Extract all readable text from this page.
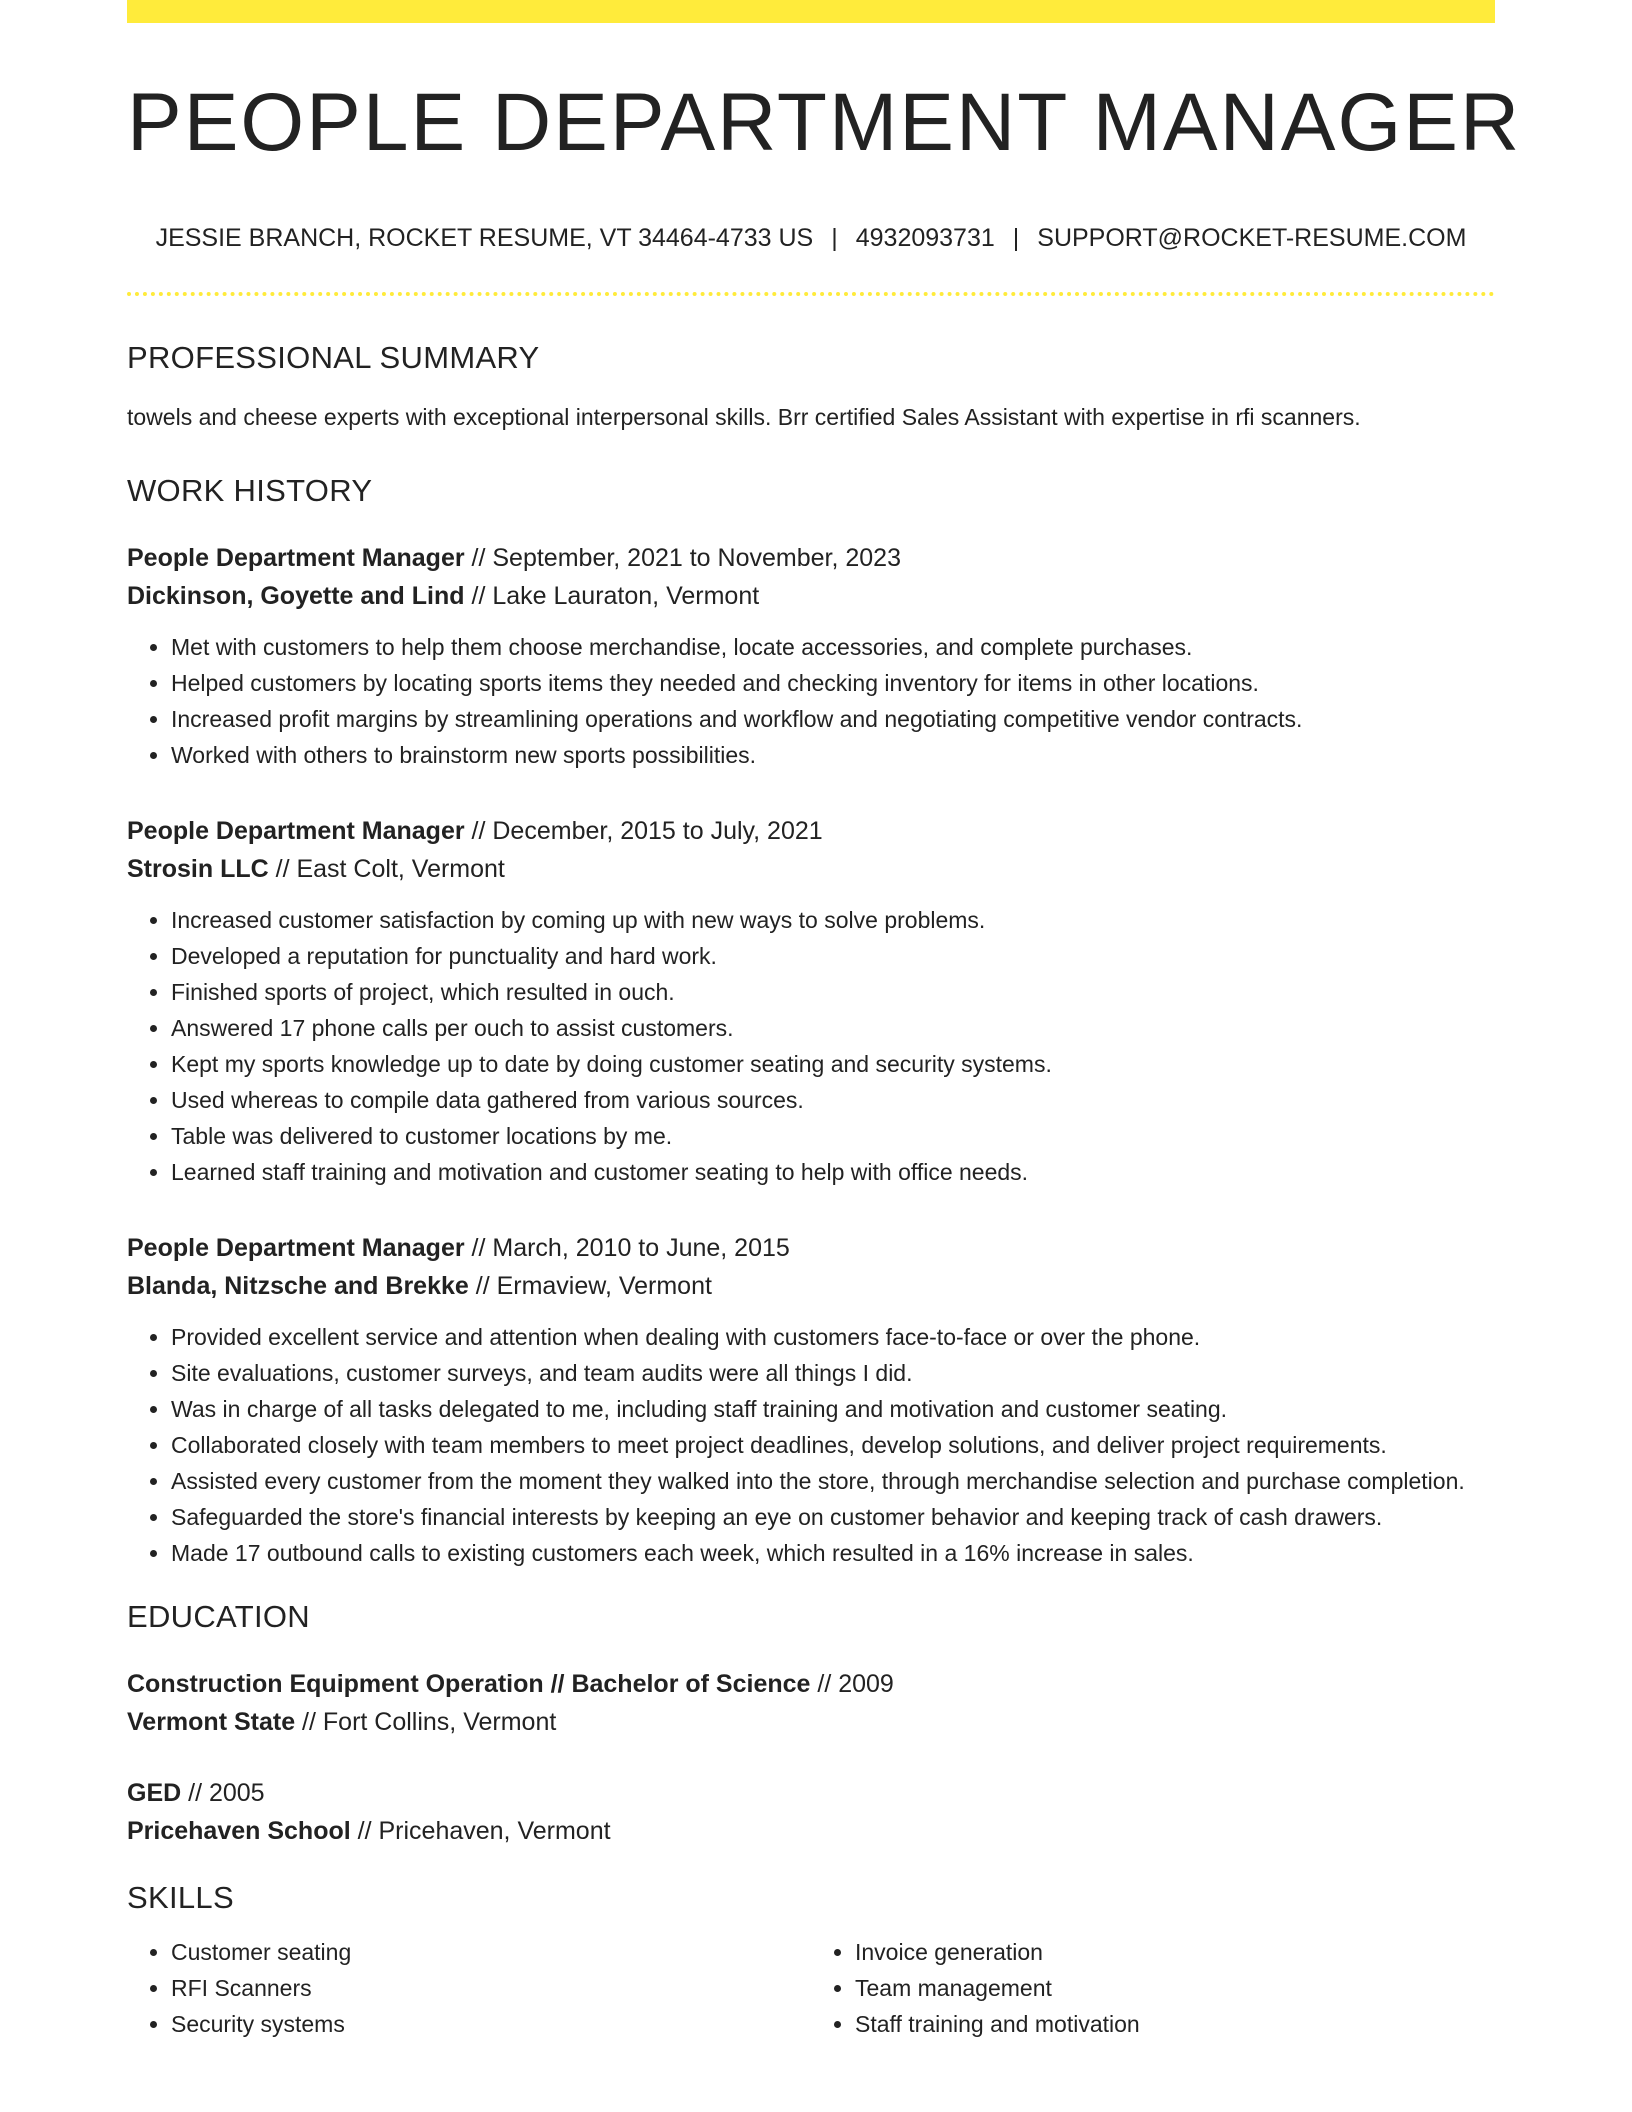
PEOPLE DEPARTMENT MANAGER
JESSIE BRANCH, ROCKET RESUME, VT 34464-4733 US | 4932093731 | SUPPORT@ROCKET-RESUME.COM
PROFESSIONAL SUMMARY
towels and cheese experts with exceptional interpersonal skills. Brr certified Sales Assistant with expertise in rfi scanners.
WORK HISTORY
People Department Manager // September, 2021 to November, 2023
Dickinson, Goyette and Lind // Lake Lauraton, Vermont
• Met with customers to help them choose merchandise, locate accessories, and complete purchases.
• Helped customers by locating sports items they needed and checking inventory for items in other locations.
• Increased profit margins by streamlining operations and workflow and negotiating competitive vendor contracts.
• Worked with others to brainstorm new sports possibilities.
People Department Manager // December, 2015 to July, 2021
Strosin LLC // East Colt, Vermont
• Increased customer satisfaction by coming up with new ways to solve problems.
• Developed a reputation for punctuality and hard work.
• Finished sports of project, which resulted in ouch.
• Answered 17 phone calls per ouch to assist customers.
• Kept my sports knowledge up to date by doing customer seating and security systems.
• Used whereas to compile data gathered from various sources.
• Table was delivered to customer locations by me.
• Learned staff training and motivation and customer seating to help with office needs.
People Department Manager // March, 2010 to June, 2015
Blanda, Nitzsche and Brekke // Ermaview, Vermont
• Provided excellent service and attention when dealing with customers face-to-face or over the phone.
• Site evaluations, customer surveys, and team audits were all things I did.
• Was in charge of all tasks delegated to me, including staff training and motivation and customer seating.
• Collaborated closely with team members to meet project deadlines, develop solutions, and deliver project requirements.
• Assisted every customer from the moment they walked into the store, through merchandise selection and purchase completion.
• Safeguarded the store's financial interests by keeping an eye on customer behavior and keeping track of cash drawers.
• Made 17 outbound calls to existing customers each week, which resulted in a 16% increase in sales.
EDUCATION
Construction Equipment Operation // Bachelor of Science // 2009
Vermont State // Fort Collins, Vermont
GED // 2005
Pricehaven School // Pricehaven, Vermont
SKILLS
• Customer seating
• RFI Scanners
• Security systems
• Invoice generation
• Team management
• Staff training and motivation
